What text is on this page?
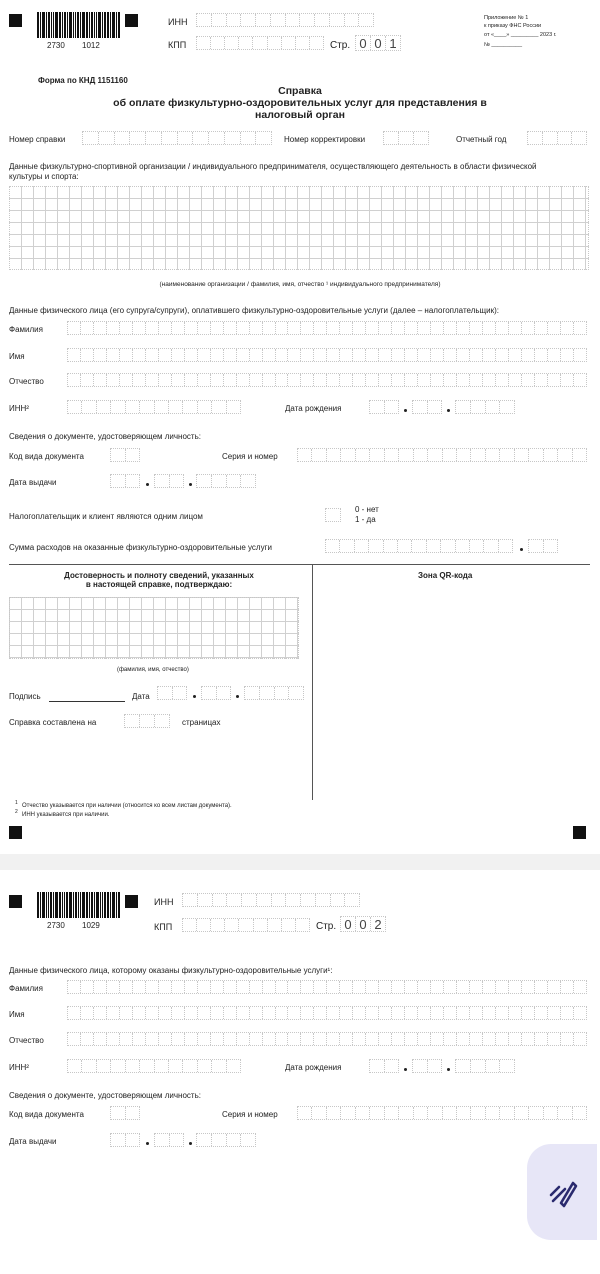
2730 1012
ИНН
КПП	Стр. 0 0 1
Приложение № 1
к приказу ФНС России
от «____» _________ 2023 г.
№ __________
Форма по КНД 1151160
Справка
об оплате физкультурно-оздоровительных услуг для представления в
налоговый орган
Номер справки	Номер корректировки	Отчетный год
Данные физкультурно-спортивной организации / индивидуального предпринимателя, осуществляющего деятельность в области физической культуры и спорта:
(наименование организации / фамилия, имя, отчество ¹ индивидуального предпринимателя)
Данные физического лица (его супруга/супруги), оплатившего физкультурно-оздоровительные услуги (далее – налогоплательщик):
Фамилия
Имя
Отчество
ИНН²	Дата рождения
Сведения о документе, удостоверяющем личность:
Код вида документа	Серия и номер
Дата выдачи
Налогоплательщик и клиент являются одним лицом
0 - нет
1 - да
Сумма расходов на оказанные физкультурно-оздоровительные услуги
Достоверность и полноту сведений, указанных
в настоящей справке, подтверждаю:
Зона QR-кода
(фамилия, имя, отчество)
Подпись	Дата
Справка составлена на	страницах
1 Отчество указывается при наличии (относится ко всем листам документа).
2 ИНН указывается при наличии.
2730 1029
ИНН
КПП	Стр. 0 0 2
Данные физического лица, которому оказаны физкультурно-оздоровительные услуги¹:
Фамилия
Имя
Отчество
ИНН²	Дата рождения
Сведения о документе, удостоверяющем личность:
Код вида документа	Серия и номер
Дата выдачи
